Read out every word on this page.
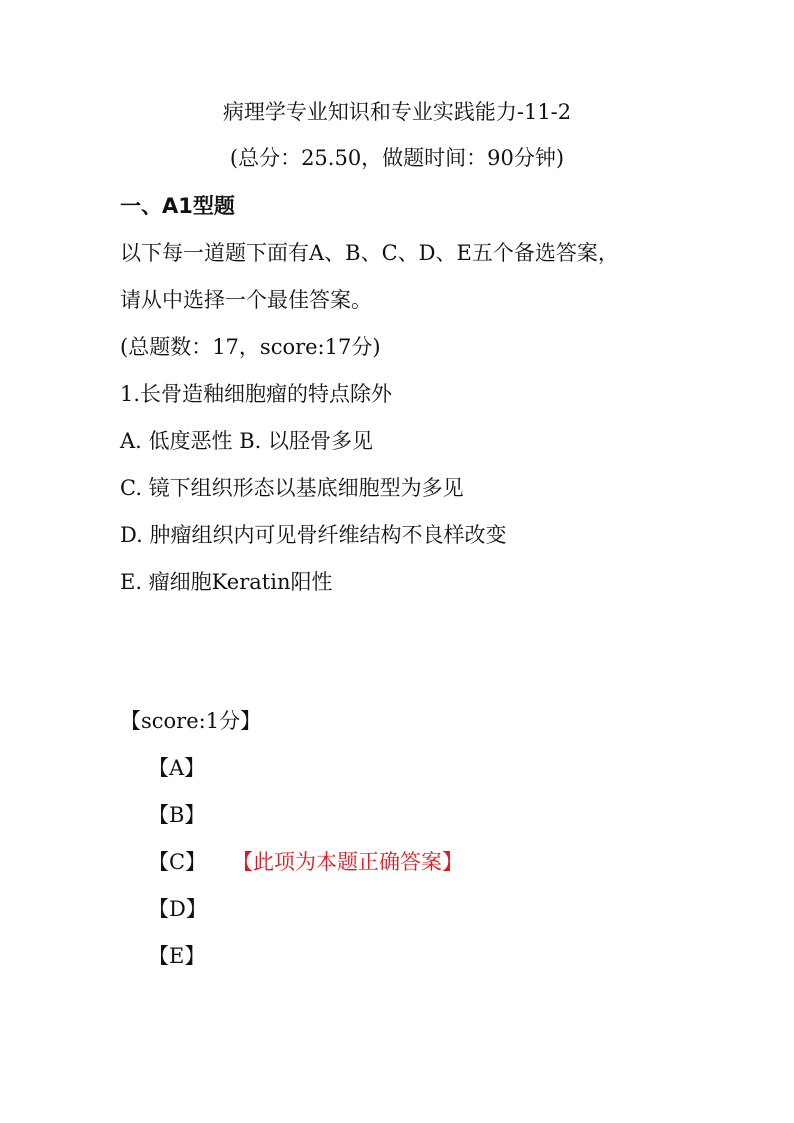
病理学专业知识和专业实践能力-11-2
(总分：25.50，做题时间：90分钟)
一、A1型题
以下每一道题下面有A、B、C、D、E五个备选答案，
请从中选择一个最佳答案。
(总题数：17，score:17分)
1.长骨造釉细胞瘤的特点除外
A. 低度恶性 B. 以胫骨多见
C. 镜下组织形态以基底细胞型为多见
D. 肿瘤组织内可见骨纤维结构不良样改变
E. 瘤细胞Keratin阳性
【score:1分】
【A】
【B】
【C】 【此项为本题正确答案】
【D】
【E】
